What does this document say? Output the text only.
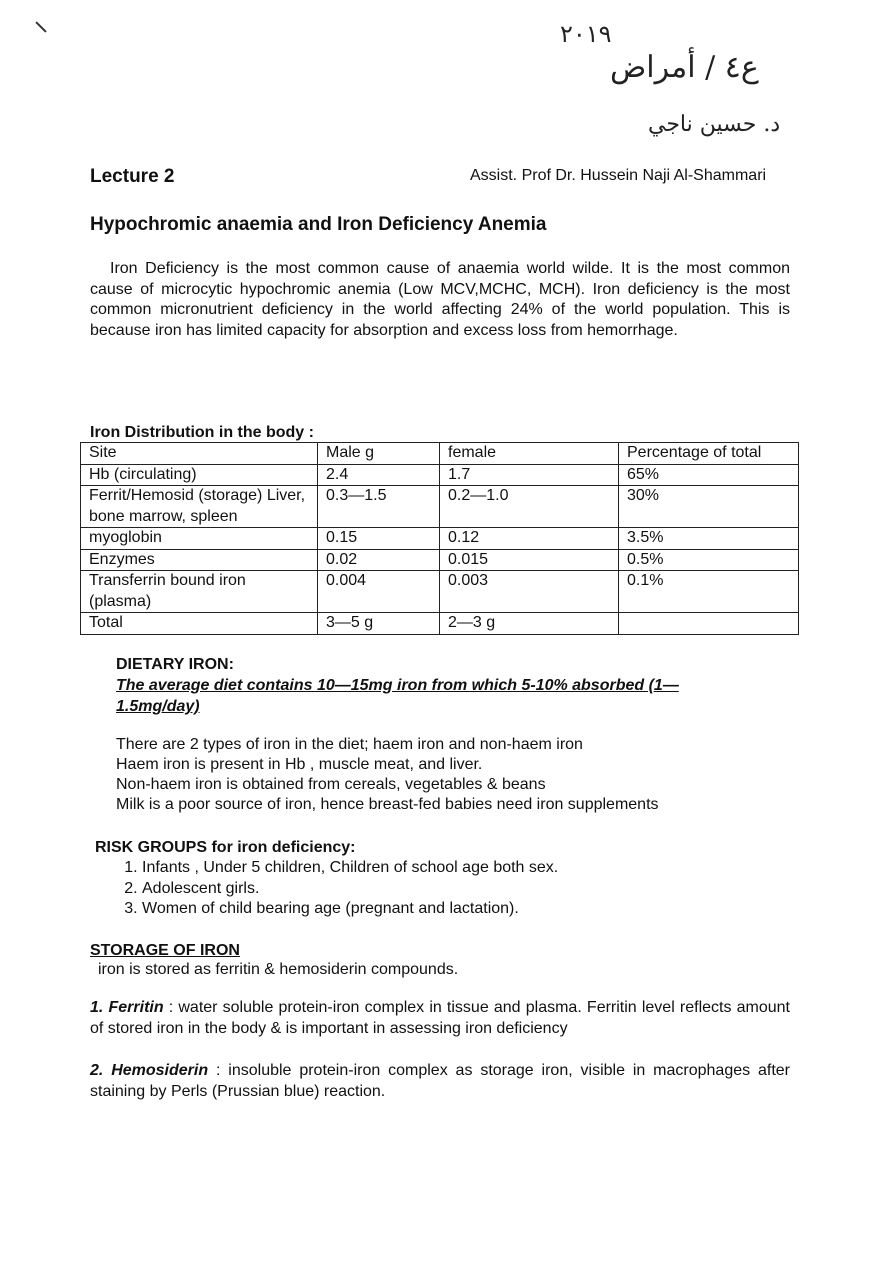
٢٠١٩
ع٤ / أمراض
د. حسين ناجي
Lecture 2	Assist. Prof Dr. Hussein Naji Al-Shammari
Hypochromic anaemia and Iron Deficiency Anemia
Iron Deficiency is the most common cause of anaemia world wilde. It is the most common cause of microcytic hypochromic anemia (Low MCV,MCHC, MCH). Iron deficiency is the most common micronutrient deficiency in the world affecting 24% of the world population. This is because iron has limited capacity for absorption and excess loss from hemorrhage.
Iron Distribution in the body :
Site	Male g	female	Percentage of total
Hb (circulating)	2.4	1.7	65%
Ferrit/Hemosid (storage) Liver, bone marrow, spleen	0.3—1.5	0.2—1.0	30%
myoglobin	0.15	0.12	3.5%
Enzymes	0.02	0.015	0.5%
Transferrin bound iron (plasma)	0.004	0.003	0.1%
Total	3—5 g	2—3 g	
DIETARY IRON:
The average diet contains 10—15mg iron from which 5-10% absorbed (1—1.5mg/day)
There are 2 types of iron in the diet; haem iron and non-haem iron
Haem iron is present in Hb , muscle meat, and liver.
Non-haem iron is obtained from cereals, vegetables & beans
Milk is a poor source of iron, hence breast-fed babies need iron supplements
RISK GROUPS for iron deficiency:
1. Infants , Under 5 children, Children of school age both sex.
2. Adolescent girls.
3. Women of child bearing age (pregnant and lactation).
STORAGE OF IRON
iron is stored as ferritin & hemosiderin compounds.
1. Ferritin : water soluble protein-iron complex in tissue and plasma. Ferritin level reflects amount of stored iron in the body & is important in assessing iron deficiency
2. Hemosiderin : insoluble protein-iron complex as storage iron, visible in macrophages after staining by Perls (Prussian blue) reaction.
